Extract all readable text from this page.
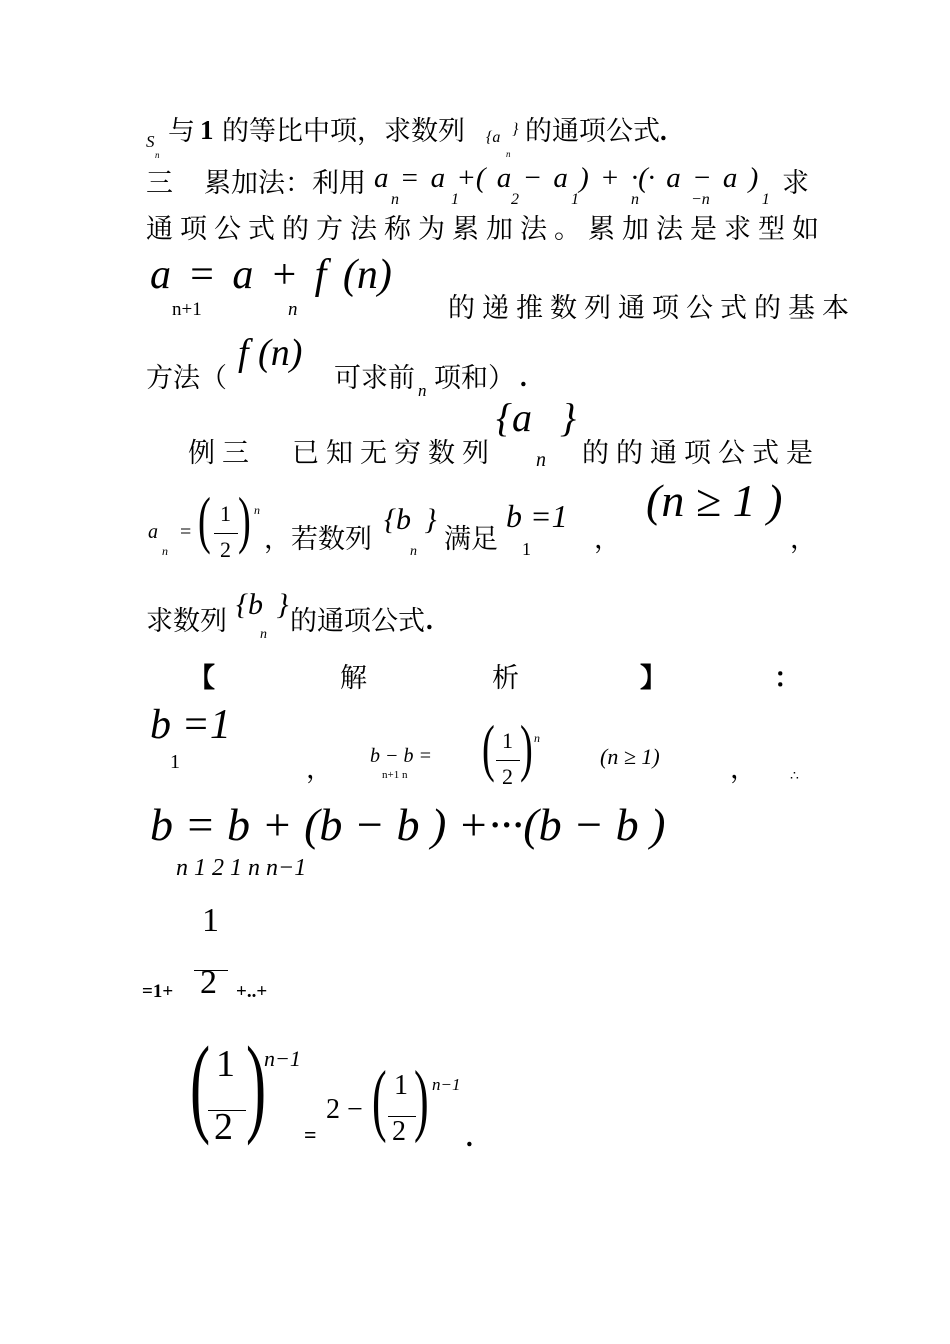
S
n
与 1 的等比中项，求数列 {a }
n
的通项公式 .
三 累加法：利用 a = a +( a − a ) + ·(· a − a )
n 1 2 1 n −n 1
求
通项公式的方法称为累加法。累加法是求型如
a = a + f (n)
n+1	n	的递推数列通项公式的基本
方法（
f (n)
可求前 n 项和） .
例三 已知无穷数列
{a }
n 的的通项公式是
a
n
= ( 1
2 ) n
，若数列
{b }
n 满足
b =1
1 ，
(n ≥ 1 )
，
求数列
{b }
n 的通项公式 .
【	解	析	】	：
b =1
1	， b − b =
n+1 n ( 1
2 ) n
(n ≥ 1)	， ∴
b = b + (b − b ) +···(b − b )
n 1 2 1 n n−1
1
2
=1+	+..+
( 1
2 )
n−1
=
2 − ( 1
2 ) n−1
.
